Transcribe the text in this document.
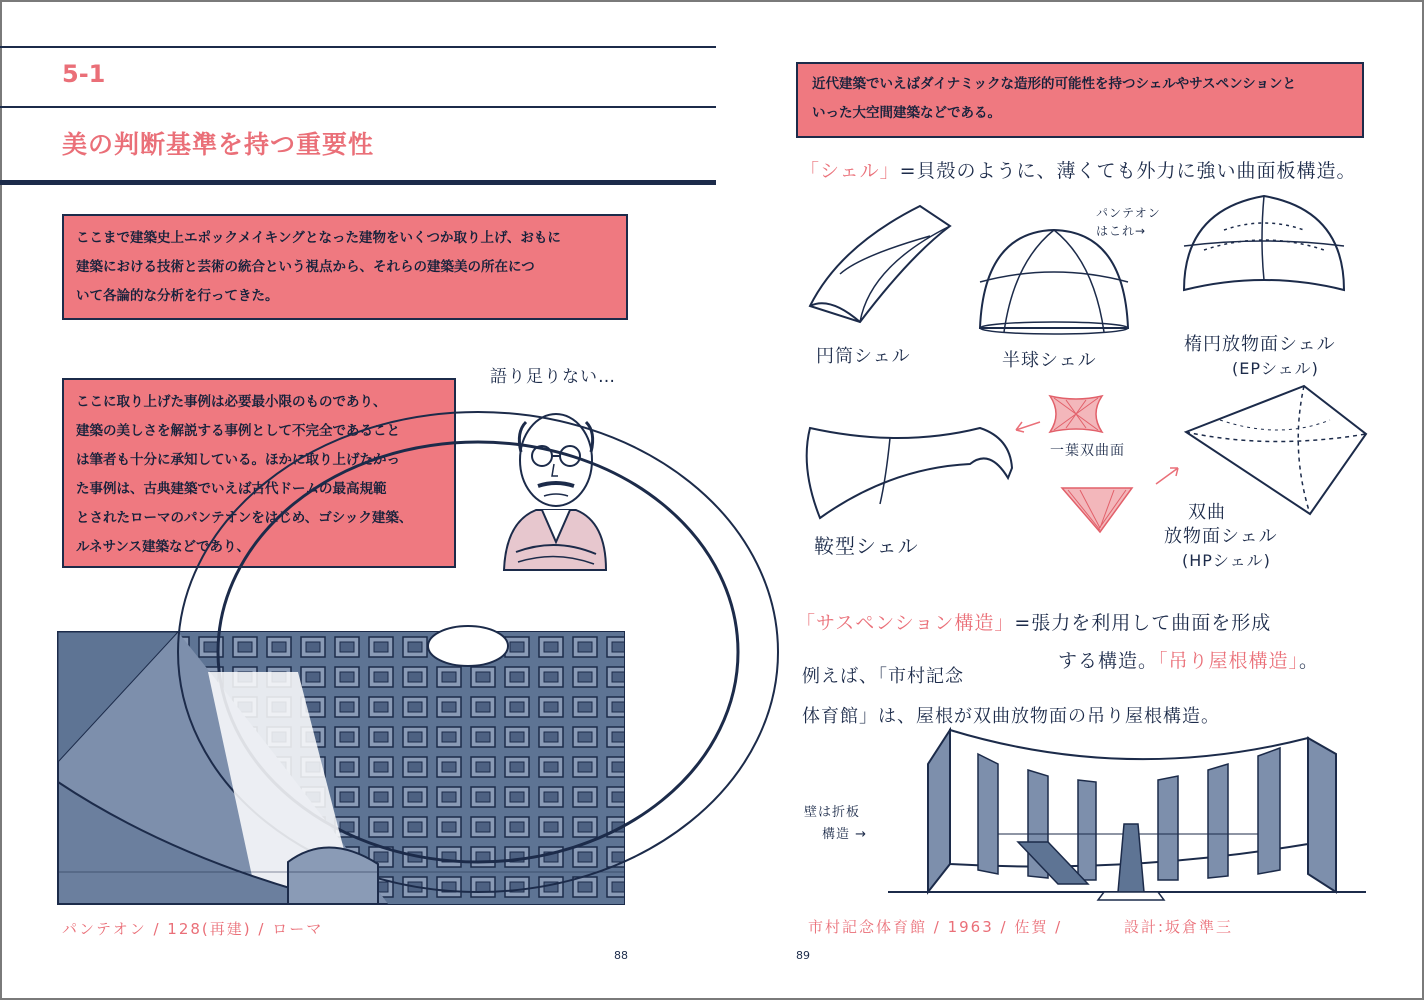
5-1
美の判断基準を持つ重要性
ここまで建築史上エポックメイキングとなった建物をいくつか取り上げ、おもに
建築における技術と芸術の統合という視点から、それらの建築美の所在につ
いて各論的な分析を行ってきた。
ここに取り上げた事例は必要最小限のものであり、
建築の美しさを解説する事例として不完全であること
は筆者も十分に承知している。ほかに取り上げたかっ
た事例は、古典建築でいえば古代ドームの最高規範
とされたローマのパンテオンをはじめ、ゴシック建築、
ルネサンス建築などであり、
語り足りない…
パンテオン / 128(再建) / ローマ
88
近代建築でいえばダイナミックな造形的可能性を持つシェルやサスペンションと
いった大空間建築などである。
「シェル」=貝殻のように、薄くても外力に強い曲面板構造。
円筒シェル	半球シェル
パンテオン
はこれ→
楕円放物面シェル
(EPシェル)
鞍型シェル
一葉双曲面
双曲
放物面シェル
(HPシェル)
「サスペンション構造」=張力を利用して曲面を形成
する構造。「吊り屋根構造」。
例えば、「市村記念
体育館」は、屋根が双曲放物面の吊り屋根構造。
壁は折板
構造 →
市村記念体育館 / 1963 / 佐賀 /	設計:坂倉準三
89
